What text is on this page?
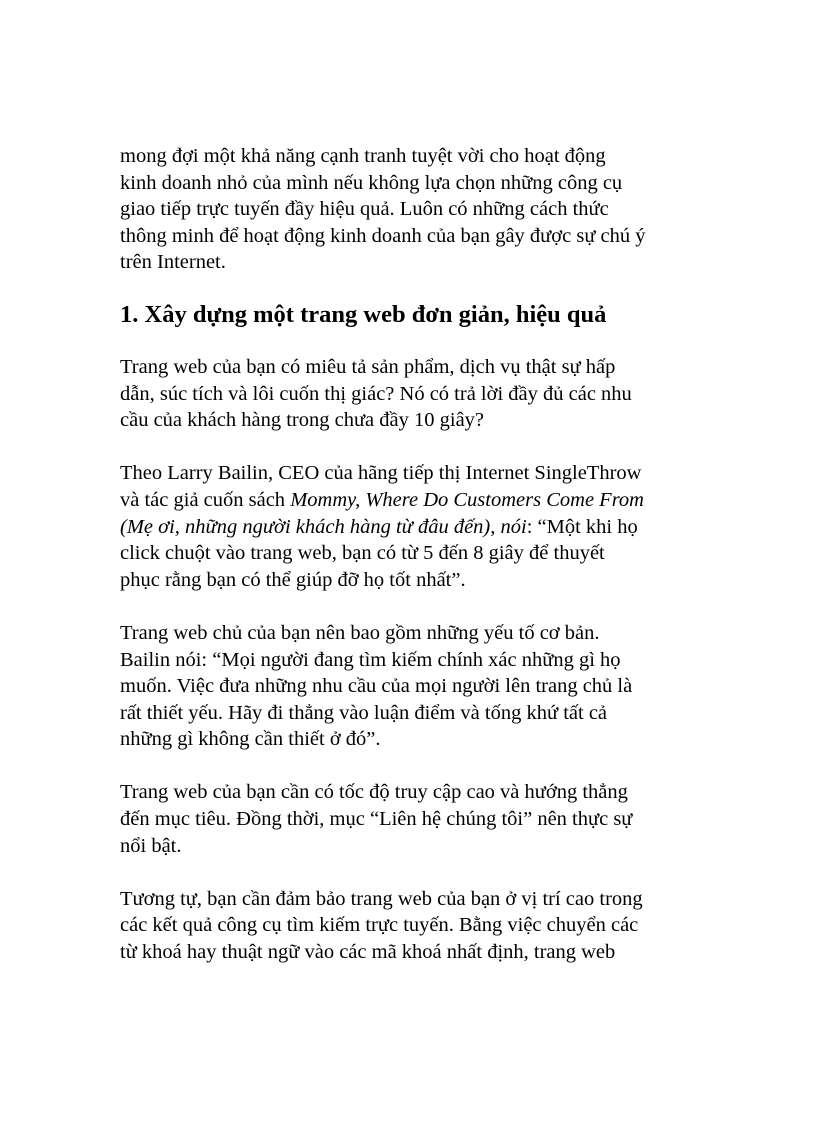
mong đợi một khả năng cạnh tranh tuyệt vời cho hoạt động
kinh doanh nhỏ của mình nếu không lựa chọn những công cụ
giao tiếp trực tuyến đầy hiệu quả. Luôn có những cách thức
thông minh để hoạt động kinh doanh của bạn gây được sự chú ý
trên Internet.
1. Xây dựng một trang web đơn giản, hiệu quả
Trang web của bạn có miêu tả sản phẩm, dịch vụ thật sự hấp
dẫn, súc tích và lôi cuốn thị giác? Nó có trả lời đầy đủ các nhu
cầu của khách hàng trong chưa đầy 10 giây?
Theo Larry Bailin, CEO của hãng tiếp thị Internet SingleThrow
và tác giả cuốn sách Mommy, Where Do Customers Come From
(Mẹ ơi, những người khách hàng từ đâu đến), nói: “Một khi họ
click chuột vào trang web, bạn có từ 5 đến 8 giây để thuyết
phục rằng bạn có thể giúp đỡ họ tốt nhất”.
Trang web chủ của bạn nên bao gồm những yếu tố cơ bản.
Bailin nói: “Mọi người đang tìm kiếm chính xác những gì họ
muốn. Việc đưa những nhu cầu của mọi người lên trang chủ là
rất thiết yếu. Hãy đi thẳng vào luận điểm và tống khứ tất cả
những gì không cần thiết ở đó”.
Trang web của bạn cần có tốc độ truy cập cao và hướng thẳng
đến mục tiêu. Đồng thời, mục “Liên hệ chúng tôi” nên thực sự
nổi bật.
Tương tự, bạn cần đảm bảo trang web của bạn ở vị trí cao trong
các kết quả công cụ tìm kiếm trực tuyến. Bằng việc chuyển các
từ khoá hay thuật ngữ vào các mã khoá nhất định, trang web
